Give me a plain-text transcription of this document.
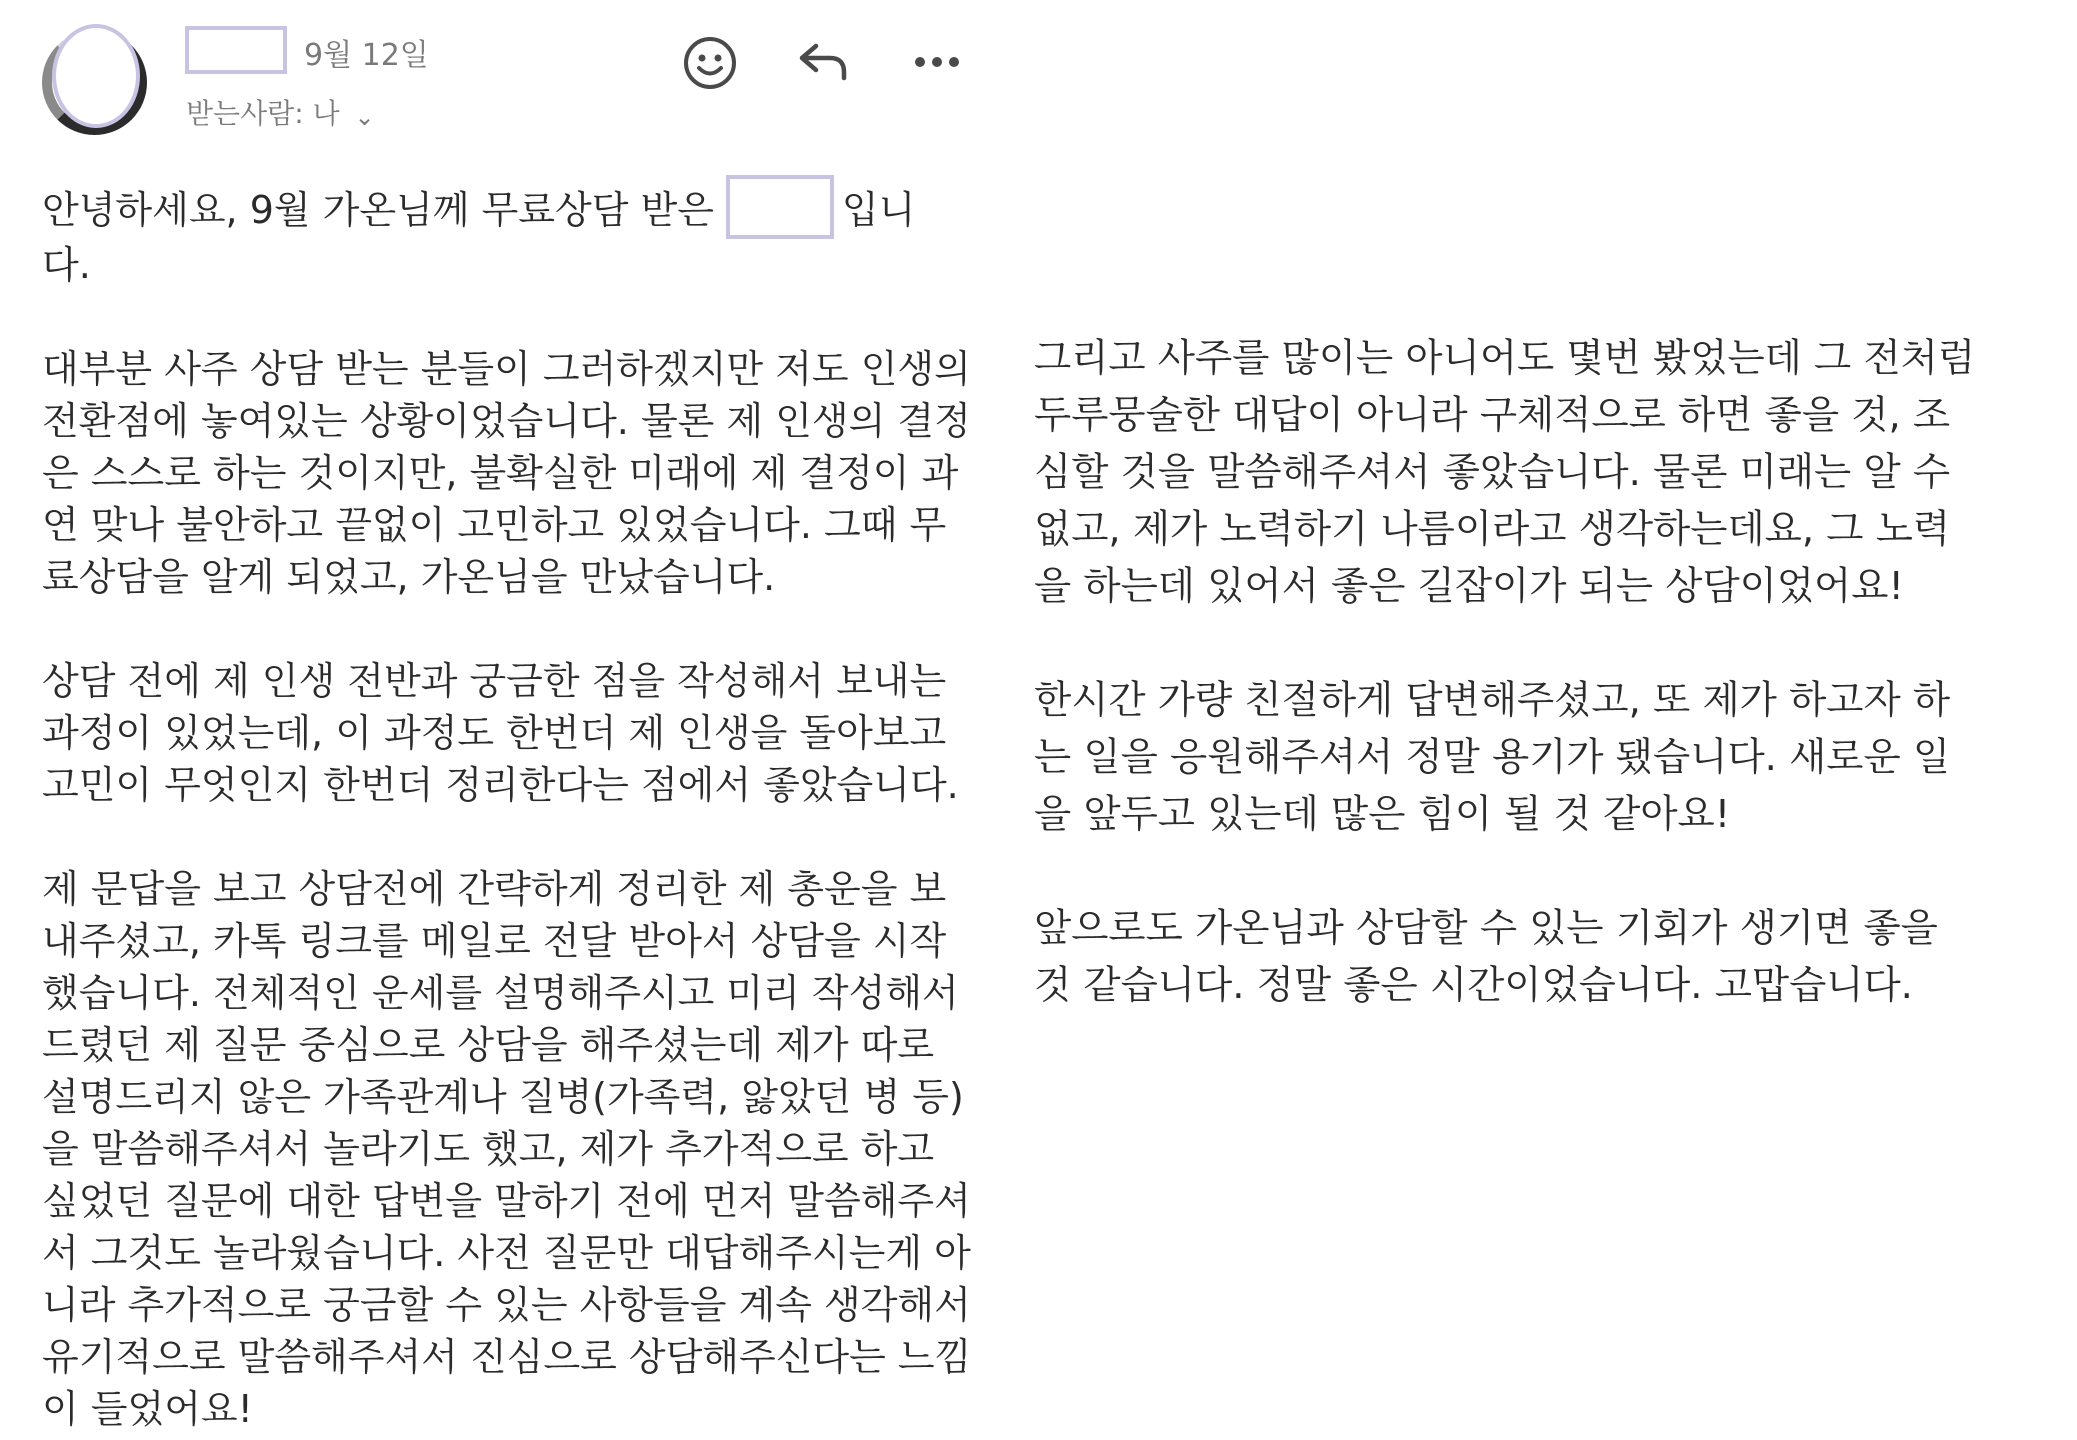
9월 12일
받는사람: 나 ⌄
안녕하세요, 9월 가온님께 무료상담 받은	입니
다.
대부분 사주 상담 받는 분들이 그러하겠지만 저도 인생의
전환점에 놓여있는 상황이었습니다. 물론 제 인생의 결정
은 스스로 하는 것이지만, 불확실한 미래에 제 결정이 과
연 맞나 불안하고 끝없이 고민하고 있었습니다. 그때 무
료상담을 알게 되었고, 가온님을 만났습니다.
상담 전에 제 인생 전반과 궁금한 점을 작성해서 보내는
과정이 있었는데, 이 과정도 한번더 제 인생을 돌아보고
고민이 무엇인지 한번더 정리한다는 점에서 좋았습니다.
제 문답을 보고 상담전에 간략하게 정리한 제 총운을 보
내주셨고, 카톡 링크를 메일로 전달 받아서 상담을 시작
했습니다. 전체적인 운세를 설명해주시고 미리 작성해서
드렸던 제 질문 중심으로 상담을 해주셨는데 제가 따로
설명드리지 않은 가족관계나 질병(가족력, 앓았던 병 등)
을 말씀해주셔서 놀라기도 했고, 제가 추가적으로 하고
싶었던 질문에 대한 답변을 말하기 전에 먼저 말씀해주셔
서 그것도 놀라웠습니다. 사전 질문만 대답해주시는게 아
니라 추가적으로 궁금할 수 있는 사항들을 계속 생각해서
유기적으로 말씀해주셔서 진심으로 상담해주신다는 느낌
이 들었어요!
그리고 사주를 많이는 아니어도 몇번 봤었는데 그 전처럼
두루뭉술한 대답이 아니라 구체적으로 하면 좋을 것, 조
심할 것을 말씀해주셔서 좋았습니다. 물론 미래는 알 수
없고, 제가 노력하기 나름이라고 생각하는데요, 그 노력
을 하는데 있어서 좋은 길잡이가 되는 상담이었어요!
한시간 가량 친절하게 답변해주셨고, 또 제가 하고자 하
는 일을 응원해주셔서 정말 용기가 됐습니다. 새로운 일
을 앞두고 있는데 많은 힘이 될 것 같아요!
앞으로도 가온님과 상담할 수 있는 기회가 생기면 좋을
것 같습니다. 정말 좋은 시간이었습니다. 고맙습니다.
